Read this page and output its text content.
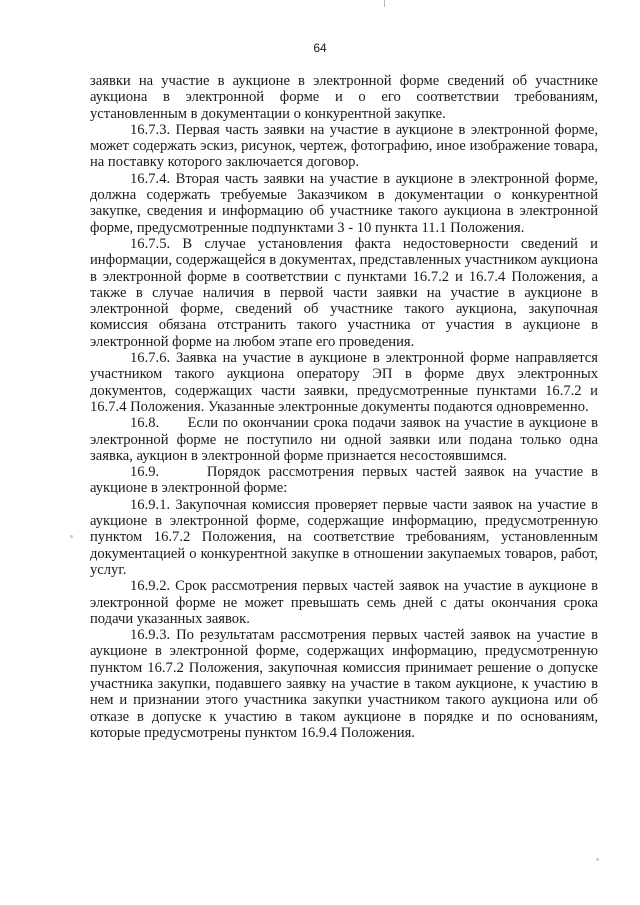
64

заявки на участие в аукционе в электронной форме сведений об участнике аукциона в электронной форме и о его соответствии требованиям, установленным в документации о конкурентной закупке.

16.7.3. Первая часть заявки на участие в аукционе в электронной форме, может содержать эскиз, рисунок, чертеж, фотографию, иное изображение товара, на поставку которого заключается договор.

16.7.4. Вторая часть заявки на участие в аукционе в электронной форме, должна содержать требуемые Заказчиком в документации о конкурентной закупке, сведения и информацию об участнике такого аукциона в электронной форме, предусмотренные подпунктами 3 - 10 пункта 11.1 Положения.

16.7.5. В случае установления факта недостоверности сведений и информации, содержащейся в документах, представленных участником аукциона в электронной форме в соответствии с пунктами 16.7.2 и 16.7.4 Положения, а также в случае наличия в первой части заявки на участие в аукционе в электронной форме, сведений об участнике такого аукциона, закупочная комиссия обязана отстранить такого участника от участия в аукционе в электронной форме на любом этапе его проведения.

16.7.6. Заявка на участие в аукционе в электронной форме направляется участником такого аукциона оператору ЭП в форме двух электронных документов, содержащих части заявки, предусмотренные пунктами 16.7.2 и 16.7.4 Положения. Указанные электронные документы подаются одновременно.

16.8.      Если по окончании срока подачи заявок на участие в аукционе в электронной форме не поступило ни одной заявки или подана только одна заявка, аукцион в электронной форме признается несостоявшимся.

16.9.      Порядок рассмотрения первых частей заявок на участие в аукционе в электронной форме:

16.9.1. Закупочная комиссия проверяет первые части заявок на участие в аукционе в электронной форме, содержащие информацию, предусмотренную пунктом 16.7.2 Положения, на соответствие требованиям, установленным документацией о конкурентной закупке в отношении закупаемых товаров, работ, услуг.

16.9.2. Срок рассмотрения первых частей заявок на участие в аукционе в электронной форме не может превышать семь дней с даты окончания срока подачи указанных заявок.

16.9.3. По результатам рассмотрения первых частей заявок на участие в аукционе в электронной форме, содержащих информацию, предусмотренную пунктом 16.7.2 Положения, закупочная комиссия принимает решение о допуске участника закупки, подавшего заявку на участие в таком аукционе, к участию в нем и признании этого участника закупки участником такого аукциона или об отказе в допуске к участию в таком аукционе в порядке и по основаниям, которые предусмотрены пунктом 16.9.4 Положения.
